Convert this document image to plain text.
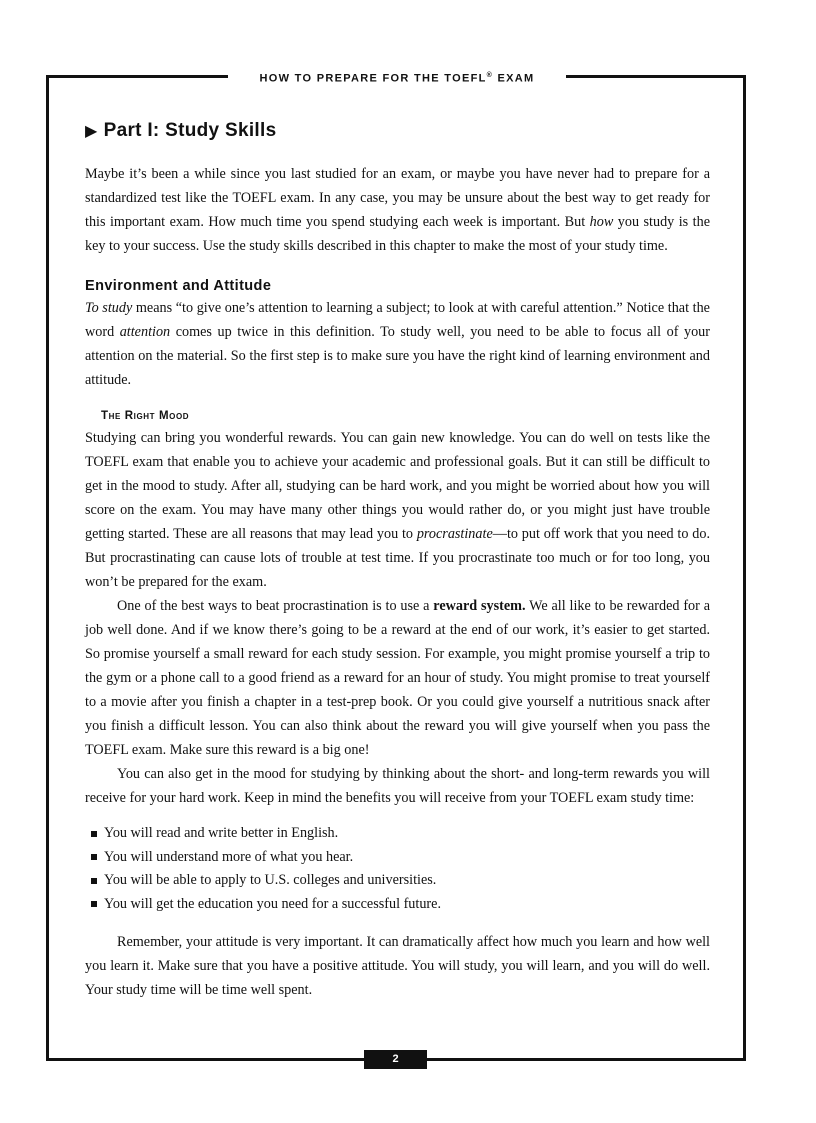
HOW TO PREPARE FOR THE TOEFL® EXAM
▶ Part I: Study Skills

Maybe it’s been a while since you last studied for an exam, or maybe you have never had to prepare for a standardized test like the TOEFL exam. In any case, you may be unsure about the best way to get ready for this important exam. How much time you spend studying each week is important. But how you study is the key to your success. Use the study skills described in this chapter to make the most of your study time.

Environment and Attitude

To study means “to give one’s attention to learning a subject; to look at with careful attention.” Notice that the word attention comes up twice in this definition. To study well, you need to be able to focus all of your attention on the material. So the first step is to make sure you have the right kind of learning environment and attitude.

The Right Mood

Studying can bring you wonderful rewards. You can gain new knowledge. You can do well on tests like the TOEFL exam that enable you to achieve your academic and professional goals. But it can still be difficult to get in the mood to study. After all, studying can be hard work, and you might be worried about how you will score on the exam. You may have many other things you would rather do, or you might just have trouble getting started. These are all reasons that may lead you to procrastinate—to put off work that you need to do. But procrastinating can cause lots of trouble at test time. If you procrastinate too much or for too long, you won’t be prepared for the exam.

One of the best ways to beat procrastination is to use a reward system. We all like to be rewarded for a job well done. And if we know there’s going to be a reward at the end of our work, it’s easier to get started. So promise yourself a small reward for each study session. For example, you might promise yourself a trip to the gym or a phone call to a good friend as a reward for an hour of study. You might promise to treat yourself to a movie after you finish a chapter in a test-prep book. Or you could give yourself a nutritious snack after you finish a difficult lesson. You can also think about the reward you will give yourself when you pass the TOEFL exam. Make sure this reward is a big one!

You can also get in the mood for studying by thinking about the short- and long-term rewards you will receive for your hard work. Keep in mind the benefits you will receive from your TOEFL exam study time:

You will read and write better in English.
You will understand more of what you hear.
You will be able to apply to U.S. colleges and universities.
You will get the education you need for a successful future.

Remember, your attitude is very important. It can dramatically affect how much you learn and how well you learn it. Make sure that you have a positive attitude. You will study, you will learn, and you will do well. Your study time will be time well spent.

2
